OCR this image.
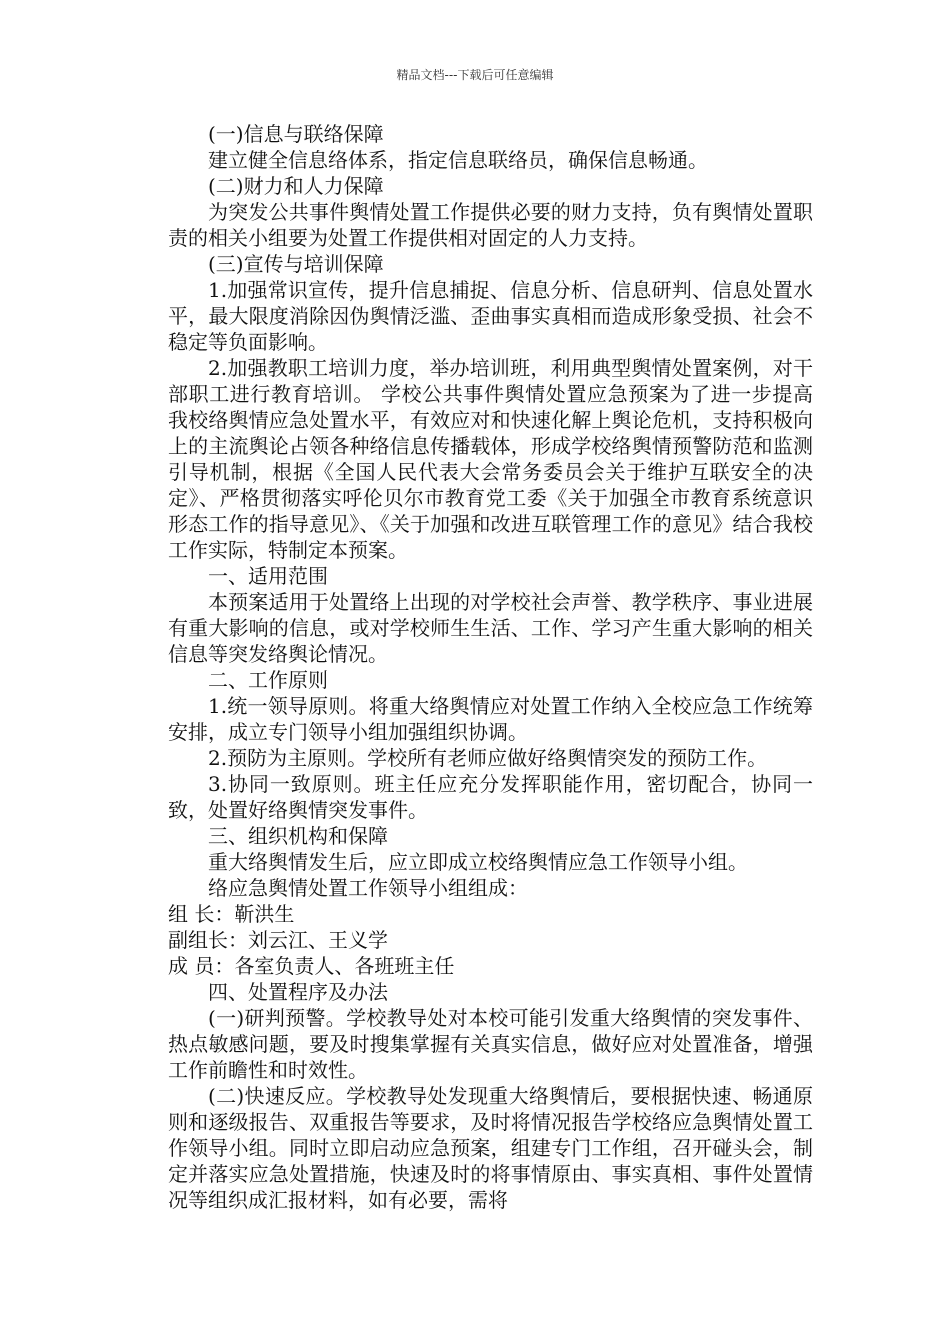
精品文档---下载后可任意编辑

(一)信息与联络保障

建立健全信息络体系，指定信息联络员，确保信息畅通。

(二)财力和人力保障

为突发公共事件舆情处置工作提供必要的财力支持，负有舆情处置职责的相关小组要为处置工作提供相对固定的人力支持。

(三)宣传与培训保障

1.加强常识宣传，提升信息捕捉、信息分析、信息研判、信息处置水平，最大限度消除因伪舆情泛滥、歪曲事实真相而造成形象受损、社会不稳定等负面影响。

2.加强教职工培训力度，举办培训班，利用典型舆情处置案例，对干部职工进行教育培训。 学校公共事件舆情处置应急预案为了进一步提高我校络舆情应急处置水平，有效应对和快速化解上舆论危机，支持积极向上的主流舆论占领各种络信息传播载体，形成学校络舆情预警防范和监测引导机制，根据《全国人民代表大会常务委员会关于维护互联安全的决定》、严格贯彻落实呼伦贝尔市教育党工委《关于加强全市教育系统意识形态工作的指导意见》、《关于加强和改进互联管理工作的意见》结合我校工作实际，特制定本预案。

一、适用范围

本预案适用于处置络上出现的对学校社会声誉、教学秩序、事业进展有重大影响的信息，或对学校师生生活、工作、学习产生重大影响的相关信息等突发络舆论情况。

二、工作原则

1.统一领导原则。将重大络舆情应对处置工作纳入全校应急工作统筹安排，成立专门领导小组加强组织协调。

2.预防为主原则。学校所有老师应做好络舆情突发的预防工作。

3.协同一致原则。班主任应充分发挥职能作用，密切配合，协同一致，处置好络舆情突发事件。

三、组织机构和保障

重大络舆情发生后，应立即成立校络舆情应急工作领导小组。

络应急舆情处置工作领导小组组成：

组 长：靳洪生

副组长：刘云江、王义学

成 员：各室负责人、各班班主任

四、处置程序及办法

(一)研判预警。学校教导处对本校可能引发重大络舆情的突发事件、热点敏感问题，要及时搜集掌握有关真实信息，做好应对处置准备，增强工作前瞻性和时效性。

(二)快速反应。学校教导处发现重大络舆情后，要根据快速、畅通原则和逐级报告、双重报告等要求，及时将情况报告学校络应急舆情处置工作领导小组。同时立即启动应急预案，组建专门工作组，召开碰头会，制定并落实应急处置措施，快速及时的将事情原由、事实真相、事件处置情况等组织成汇报材料，如有必要，需将
